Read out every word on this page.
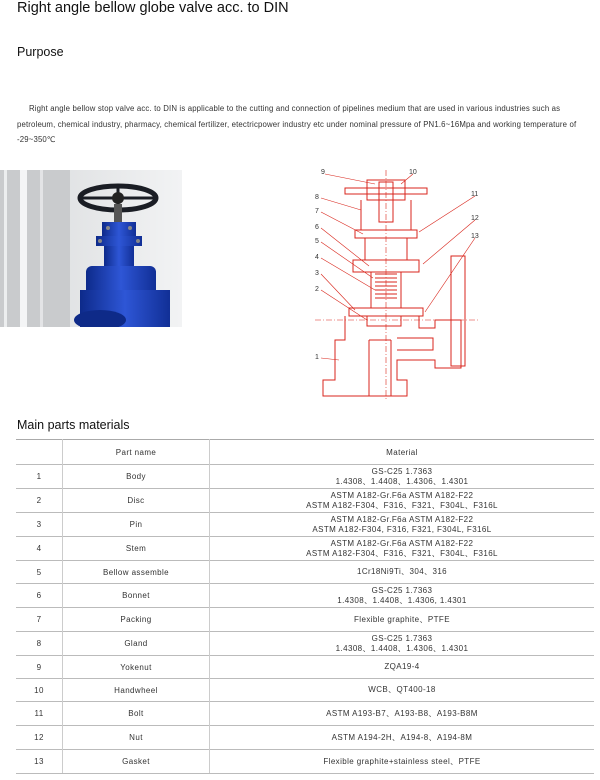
Right angle bellow globe valve acc. to DIN
Purpose
Right angle bellow stop valve acc. to DIN is applicable to the cutting and connection of pipelines medium that are used in various industries such as petroleum, chemical industry, pharmacy, chemical fertilizer, etectricpower industry etc under nominal pressure of PN1.6~16Mpa and working temperature of -29~350℃
1
2
3
4
5
6
7
8
9	10
11
12
13
Main parts materials
	Part name	Material
1	Body	GS-C25 1.7363
1.4308、1.4408、1.4306、1.4301

2	Disc	ASTM A182-Gr.F6a ASTM A182-F22
ASTM A182-F304、F316、F321、F304L、F316L

3	Pin	ASTM A182-Gr.F6a ASTM A182-F22
ASTM A182-F304, F316, F321, F304L, F316L

4	Stem	ASTM A182-Gr.F6a ASTM A182-F22
ASTM A182-F304、F316、F321、F304L、F316L

5	Bellow assemble	1Cr18Ni9Ti、304、316

6	Bonnet	GS-C25 1.7363
1.4308、1.4408、1.4306, 1.4301

7	Packing	Flexible graphite、PTFE

8	Gland	GS-C25 1.7363
1.4308、1.4408、1.4306、1.4301

9	Yokenut	ZQA19-4

10	Handwheel	WCB、QT400-18

11	Bolt	ASTM A193-B7、A193-B8、A193-B8M

12	Nut	ASTM A194-2H、A194-8、A194-8M

13	Gasket	Flexible graphite+stainless steel、PTFE
